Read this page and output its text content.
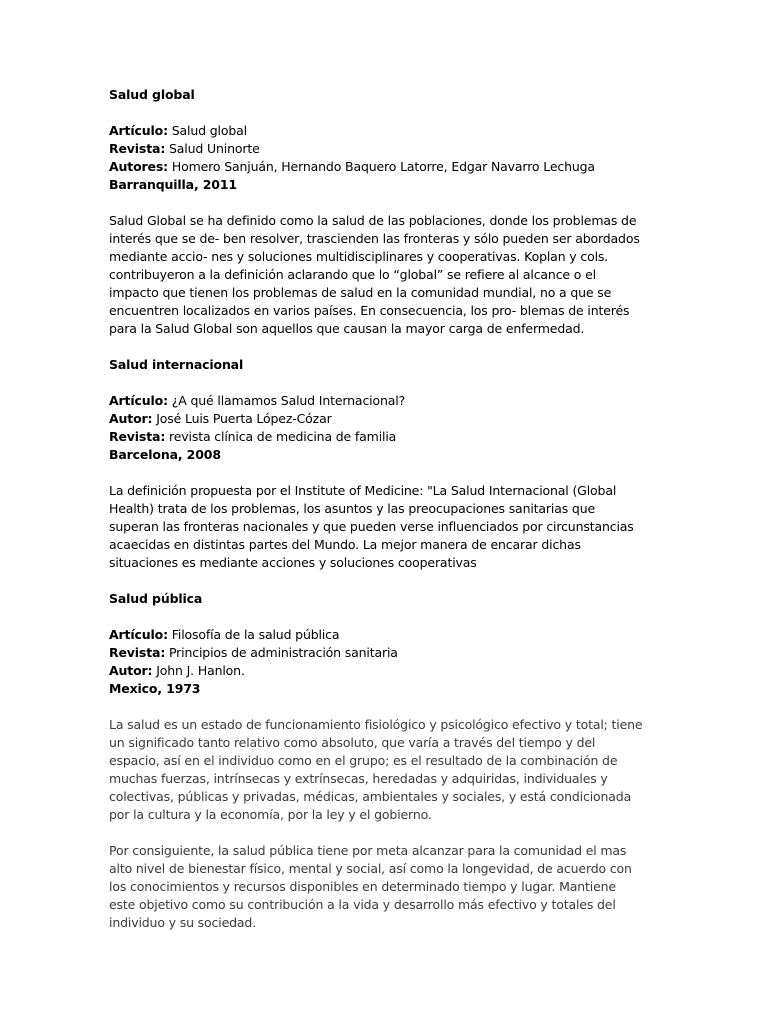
Salud global
Artículo: Salud global
Revista: Salud Uninorte
Autores: Homero Sanjuán, Hernando Baquero Latorre, Edgar Navarro Lechuga
Barranquilla, 2011
Salud Global se ha definido como la salud de las poblaciones, donde los problemas de
interés que se de- ben resolver, trascienden las fronteras y sólo pueden ser abordados
mediante accio- nes y soluciones multidisciplinares y cooperativas. Koplan y cols.
contribuyeron a la definición aclarando que lo “global” se refiere al alcance o el
impacto que tienen los problemas de salud en la comunidad mundial, no a que se
encuentren localizados en varios países. En consecuencia, los pro- blemas de interés
para la Salud Global son aquellos que causan la mayor carga de enfermedad.
Salud internacional
Artículo: ¿A qué llamamos Salud Internacional?
Autor: José Luis Puerta López-Cózar
Revista: revista clínica de medicina de familia
Barcelona, 2008
La definición propuesta por el Institute of Medicine: "La Salud Internacional (Global
Health) trata de los problemas, los asuntos y las preocupaciones sanitarias que
superan las fronteras nacionales y que pueden verse influenciados por circunstancias
acaecidas en distintas partes del Mundo. La mejor manera de encarar dichas
situaciones es mediante acciones y soluciones cooperativas
Salud pública
Artículo: Filosofía de la salud pública
Revista: Principios de administración sanitaria
Autor: John J. Hanlon.
Mexico, 1973
La salud es un estado de funcionamiento fisiológico y psicológico efectivo y total; tiene
un significado tanto relativo como absoluto, que varía a través del tiempo y del
espacio, así en el individuo como en el grupo; es el resultado de la combinación de
muchas fuerzas, intrínsecas y extrínsecas, heredadas y adquiridas, individuales y
colectivas, públicas y privadas, médicas, ambientales y sociales, y está condicionada
por la cultura y la economía, por la ley y el gobierno.
Por consiguiente, la salud pública tiene por meta alcanzar para la comunidad el mas
alto nivel de bienestar físico, mental y social, así como la longevidad, de acuerdo con
los conocimientos y recursos disponibles en determinado tiempo y lugar. Mantiene
este objetivo como su contribución a la vida y desarrollo más efectivo y totales del
individuo y su sociedad.
